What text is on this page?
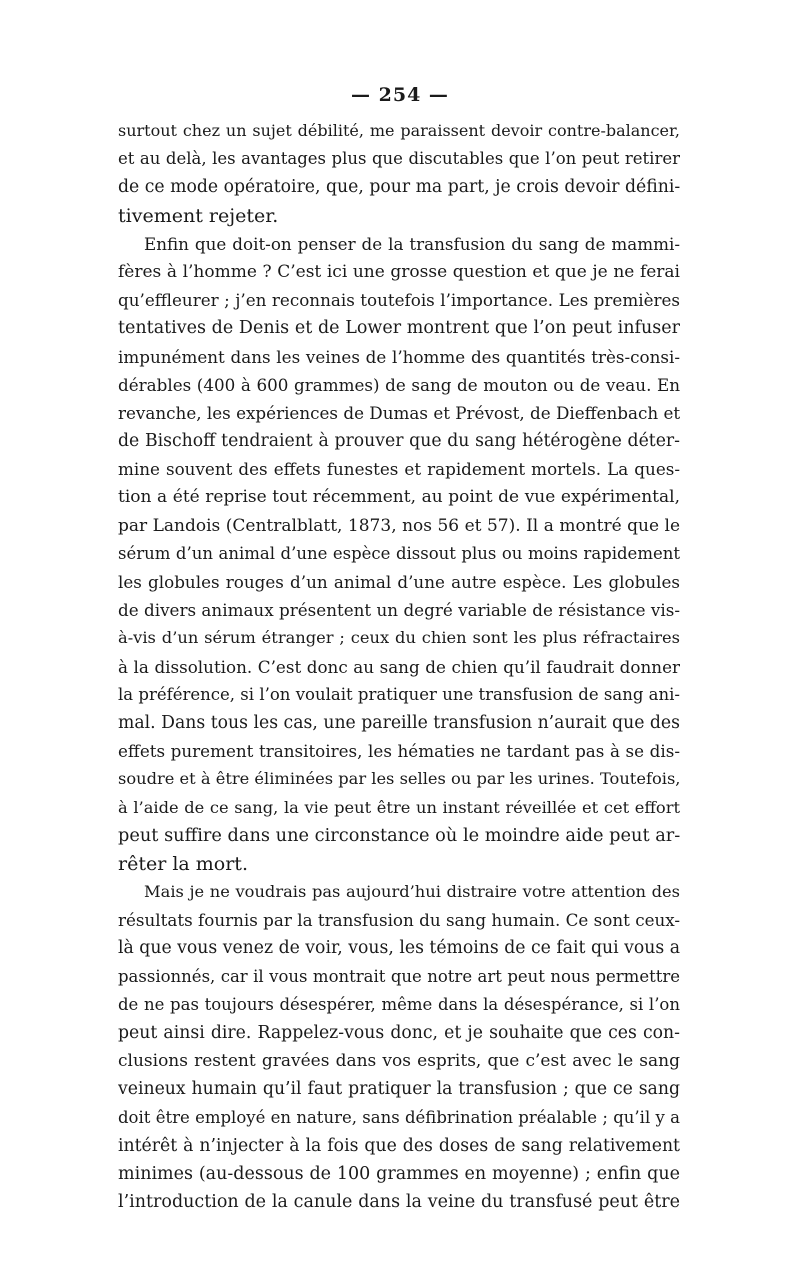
— 254 —
surtout chez un sujet débilité, me paraissent devoir contre-balancer,
et au delà, les avantages plus que discutables que l’on peut retirer
de ce mode opératoire, que, pour ma part, je crois devoir défini-
tivement rejeter.
Enfin que doit-on penser de la transfusion du sang de mammi-
fères à l’homme ? C’est ici une grosse question et que je ne ferai
qu’effleurer ; j’en reconnais toutefois l’importance. Les premières
tentatives de Denis et de Lower montrent que l’on peut infuser
impunément dans les veines de l’homme des quantités très-consi-
dérables (400 à 600 grammes) de sang de mouton ou de veau. En
revanche, les expériences de Dumas et Prévost, de Dieffenbach et
de Bischoff tendraient à prouver que du sang hétérogène déter-
mine souvent des effets funestes et rapidement mortels. La ques-
tion a été reprise tout récemment, au point de vue expérimental,
par Landois (Centralblatt, 1873, nos 56 et 57). Il a montré que le
sérum d’un animal d’une espèce dissout plus ou moins rapidement
les globules rouges d’un animal d’une autre espèce. Les globules
de divers animaux présentent un degré variable de résistance vis-
à-vis d’un sérum étranger ; ceux du chien sont les plus réfractaires
à la dissolution. C’est donc au sang de chien qu’il faudrait donner
la préférence, si l’on voulait pratiquer une transfusion de sang ani-
mal. Dans tous les cas, une pareille transfusion n’aurait que des
effets purement transitoires, les hématies ne tardant pas à se dis-
soudre et à être éliminées par les selles ou par les urines. Toutefois,
à l’aide de ce sang, la vie peut être un instant réveillée et cet effort
peut suffire dans une circonstance où le moindre aide peut ar-
rêter la mort.
Mais je ne voudrais pas aujourd’hui distraire votre attention des
résultats fournis par la transfusion du sang humain. Ce sont ceux-
là que vous venez de voir, vous, les témoins de ce fait qui vous a
passionnés, car il vous montrait que notre art peut nous permettre
de ne pas toujours désespérer, même dans la désespérance, si l’on
peut ainsi dire. Rappelez-vous donc, et je souhaite que ces con-
clusions restent gravées dans vos esprits, que c’est avec le sang
veineux humain qu’il faut pratiquer la transfusion ; que ce sang
doit être employé en nature, sans défibrination préalable ; qu’il y a
intérêt à n’injecter à la fois que des doses de sang relativement
minimes (au-dessous de 100 grammes en moyenne) ; enfin que
l’introduction de la canule dans la veine du transfusé peut être
